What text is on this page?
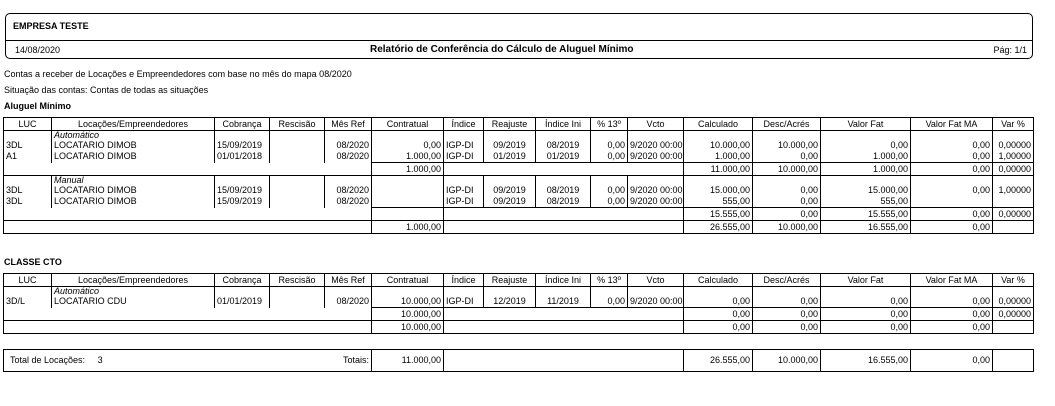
EMPRESA TESTE
14/08/2020	Relatório de Conferência do Cálculo de Aluguel Mínimo	Pág: 1/1
Contas a receber de Locações e Empreendedores com base no mês do mapa 08/2020
Situação das contas: Contas de todas as situações
Aluguel Mínimo
LUC	Locações/Empreendedores	Cobrança	Rescisão	Mês Ref	Contratual	Índice	Reajuste	Índice Ini	% 13º	Vcto	Calculado	Desc/Acrés	Valor Fat	Valor Fat MA	Var %
	Automático														
3DL	LOCATARIO DIMOB	15/09/2019		08/2020	0,00	IGP-DI	09/2019	08/2019	0,00	9/2020 00:00	10.000,00	10.000,00	0,00	0,00	0,00000
A1	LOCATARIO DIMOB	01/01/2018		08/2020	1.000,00	IGP-DI	01/2019	01/2019	0,00	9/2020 00:00	1.000,00	0,00	1.000,00	0,00	1,00000
					1.000,00						11.000,00	10.000,00	1.000,00	0,00	0,00000
	Manual														
3DL	LOCATARIO DIMOB	15/09/2019		08/2020		IGP-DI	09/2019	08/2019	0,00	9/2020 00:00	15.000,00	0,00	15.000,00	0,00	1,00000
3DL	LOCATARIO DIMOB	15/09/2019		08/2020		IGP-DI	09/2019	08/2019	0,00	9/2020 00:00	555,00	0,00	555,00		
											15.555,00	0,00	15.555,00	0,00	0,00000
					1.000,00						26.555,00	10.000,00	16.555,00	0,00	
CLASSE CTO
LUC	Locações/Empreendedores	Cobrança	Rescisão	Mês Ref	Contratual	Índice	Reajuste	Índice Ini	% 13º	Vcto	Calculado	Desc/Acrés	Valor Fat	Valor Fat MA	Var %
	Automático														
3D/L	LOCATARIO CDU	01/01/2019		08/2020	10.000,00	IGP-DI	12/2019	11/2019	0,00	9/2020 00:00	0,00	0,00	0,00	0,00	0,00000
					10.000,00						0,00	0,00	0,00	0,00	0,00000
					10.000,00						0,00	0,00	0,00	0,00	
Total de Locações: 3	Totais:	11.000,00		26.555,00	10.000,00	16.555,00	0,00	
